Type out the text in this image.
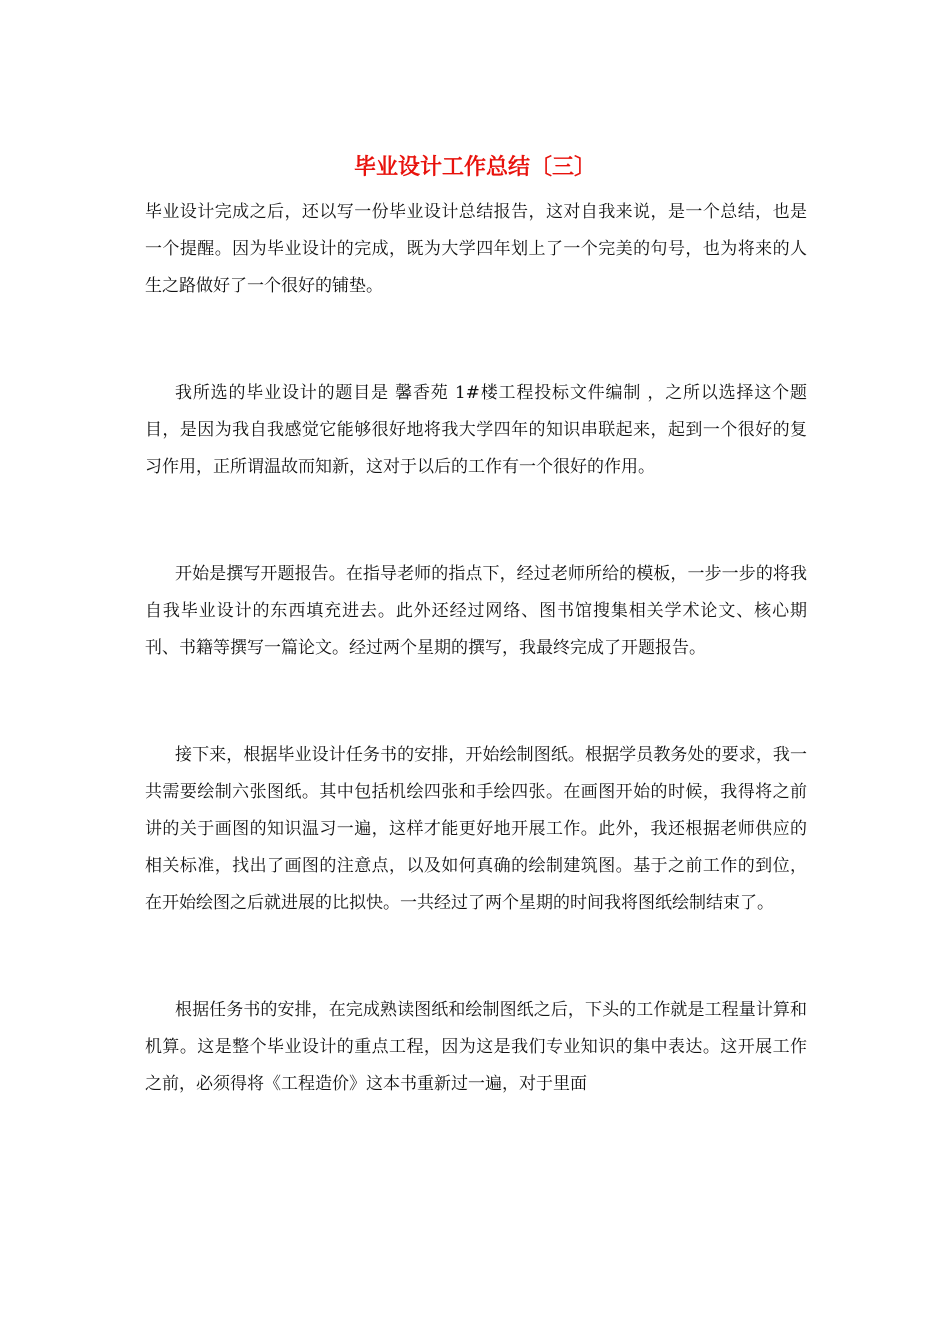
毕业设计工作总结〔三〕

毕业设计完成之后，还以写一份毕业设计总结报告，这对自我来说，是一个总结，也是一个提醒。因为毕业设计的完成，既为大学四年划上了一个完美的句号，也为将来的人生之路做好了一个很好的铺垫。

我所选的毕业设计的题目是 馨香苑 1#楼工程投标文件编制 ，之所以选择这个题目，是因为我自我感觉它能够很好地将我大学四年的知识串联起来，起到一个很好的复习作用，正所谓温故而知新，这对于以后的工作有一个很好的作用。

开始是撰写开题报告。在指导老师的指点下，经过老师所给的模板，一步一步的将我自我毕业设计的东西填充进去。此外还经过网络、图书馆搜集相关学术论文、核心期刊、书籍等撰写一篇论文。经过两个星期的撰写，我最终完成了开题报告。

接下来，根据毕业设计任务书的安排，开始绘制图纸。根据学员教务处的要求，我一共需要绘制六张图纸。其中包括机绘四张和手绘四张。在画图开始的时候，我得将之前讲的关于画图的知识温习一遍，这样才能更好地开展工作。此外，我还根据老师供应的相关标准，找出了画图的注意点，以及如何真确的绘制建筑图。基于之前工作的到位，在开始绘图之后就进展的比拟快。一共经过了两个星期的时间我将图纸绘制结束了。

根据任务书的安排，在完成熟读图纸和绘制图纸之后，下头的工作就是工程量计算和机算。这是整个毕业设计的重点工程，因为这是我们专业知识的集中表达。这开展工作之前，必须得将《工程造价》这本书重新过一遍，对于里面
